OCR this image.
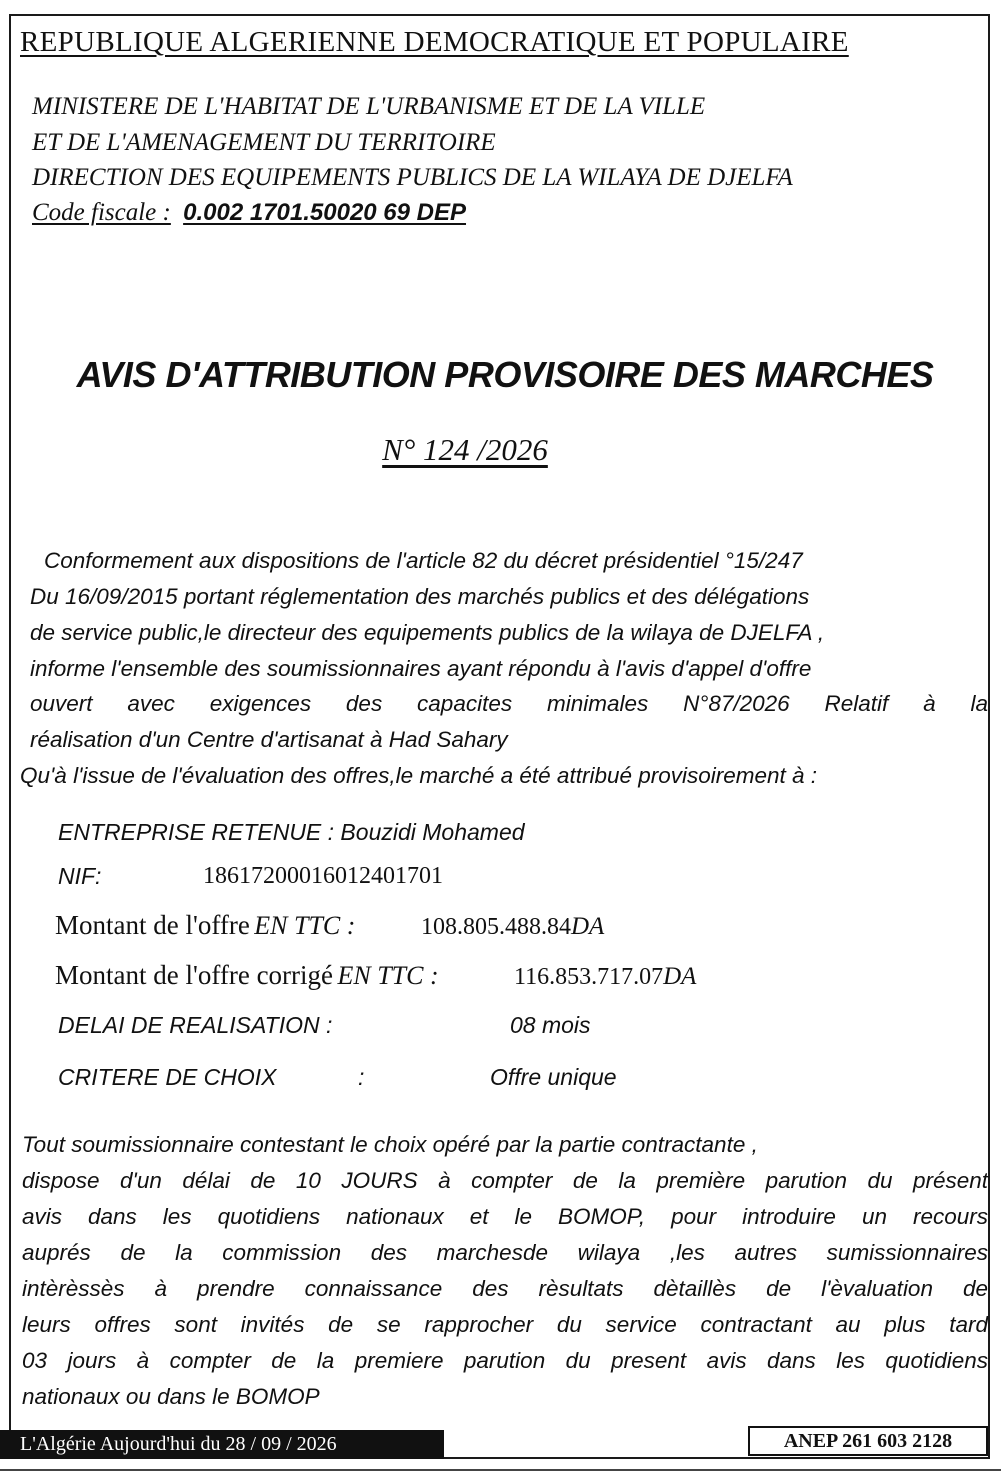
REPUBLIQUE ALGERIENNE DEMOCRATIQUE ET POPULAIRE
MINISTERE DE L'HABITAT DE L'URBANISME ET DE LA VILLE
ET DE L'AMENAGEMENT DU TERRITOIRE
DIRECTION DES EQUIPEMENTS PUBLICS DE LA WILAYA DE DJELFA
Code fiscale : 0.002 1701.50020 69 DEP
AVIS D'ATTRIBUTION PROVISOIRE DES MARCHES
N° 124 /2026
Conformement aux dispositions de l'article 82 du décret présidentiel °15/247
Du 16/09/2015 portant réglementation des marchés publics et des délégations
de service public,le directeur des equipements publics de la wilaya de DJELFA ,
informe l'ensemble des soumissionnaires ayant répondu à l'avis d'appel d'offre
ouvert avec exigences des capacites minimales N°87/2026 Relatif à la
réalisation d'un Centre d'artisanat à Had Sahary
Qu'à l'issue de l'évaluation des offres,le marché a été attribué provisoirement à :
ENTREPRISE RETENUE : Bouzidi Mohamed
NIF:	18617200016012401701
Montant de l'offre EN TTC :	108.805.488.84DA
Montant de l'offre corrigé EN TTC :	116.853.717.07DA
DELAI DE REALISATION :	08 mois
CRITERE DE CHOIX	:	Offre unique
Tout soumissionnaire contestant le choix opéré par la partie contractante ,
dispose d'un délai de 10 JOURS à compter de la première parution du présent
avis dans les quotidiens nationaux et le BOMOP, pour introduire un recours
auprés de la commission des marchesde wilaya ,les autres sumissionnaires
intèrèssès à prendre connaissance des rèsultats dètaillès de l'èvaluation de
leurs offres sont invités de se rapprocher du service contractant au plus tard
03 jours à compter de la premiere parution du present avis dans les quotidiens
nationaux ou dans le BOMOP
L'Algérie Aujourd'hui du 28 / 09 / 2026	ANEP 261 603 2128
